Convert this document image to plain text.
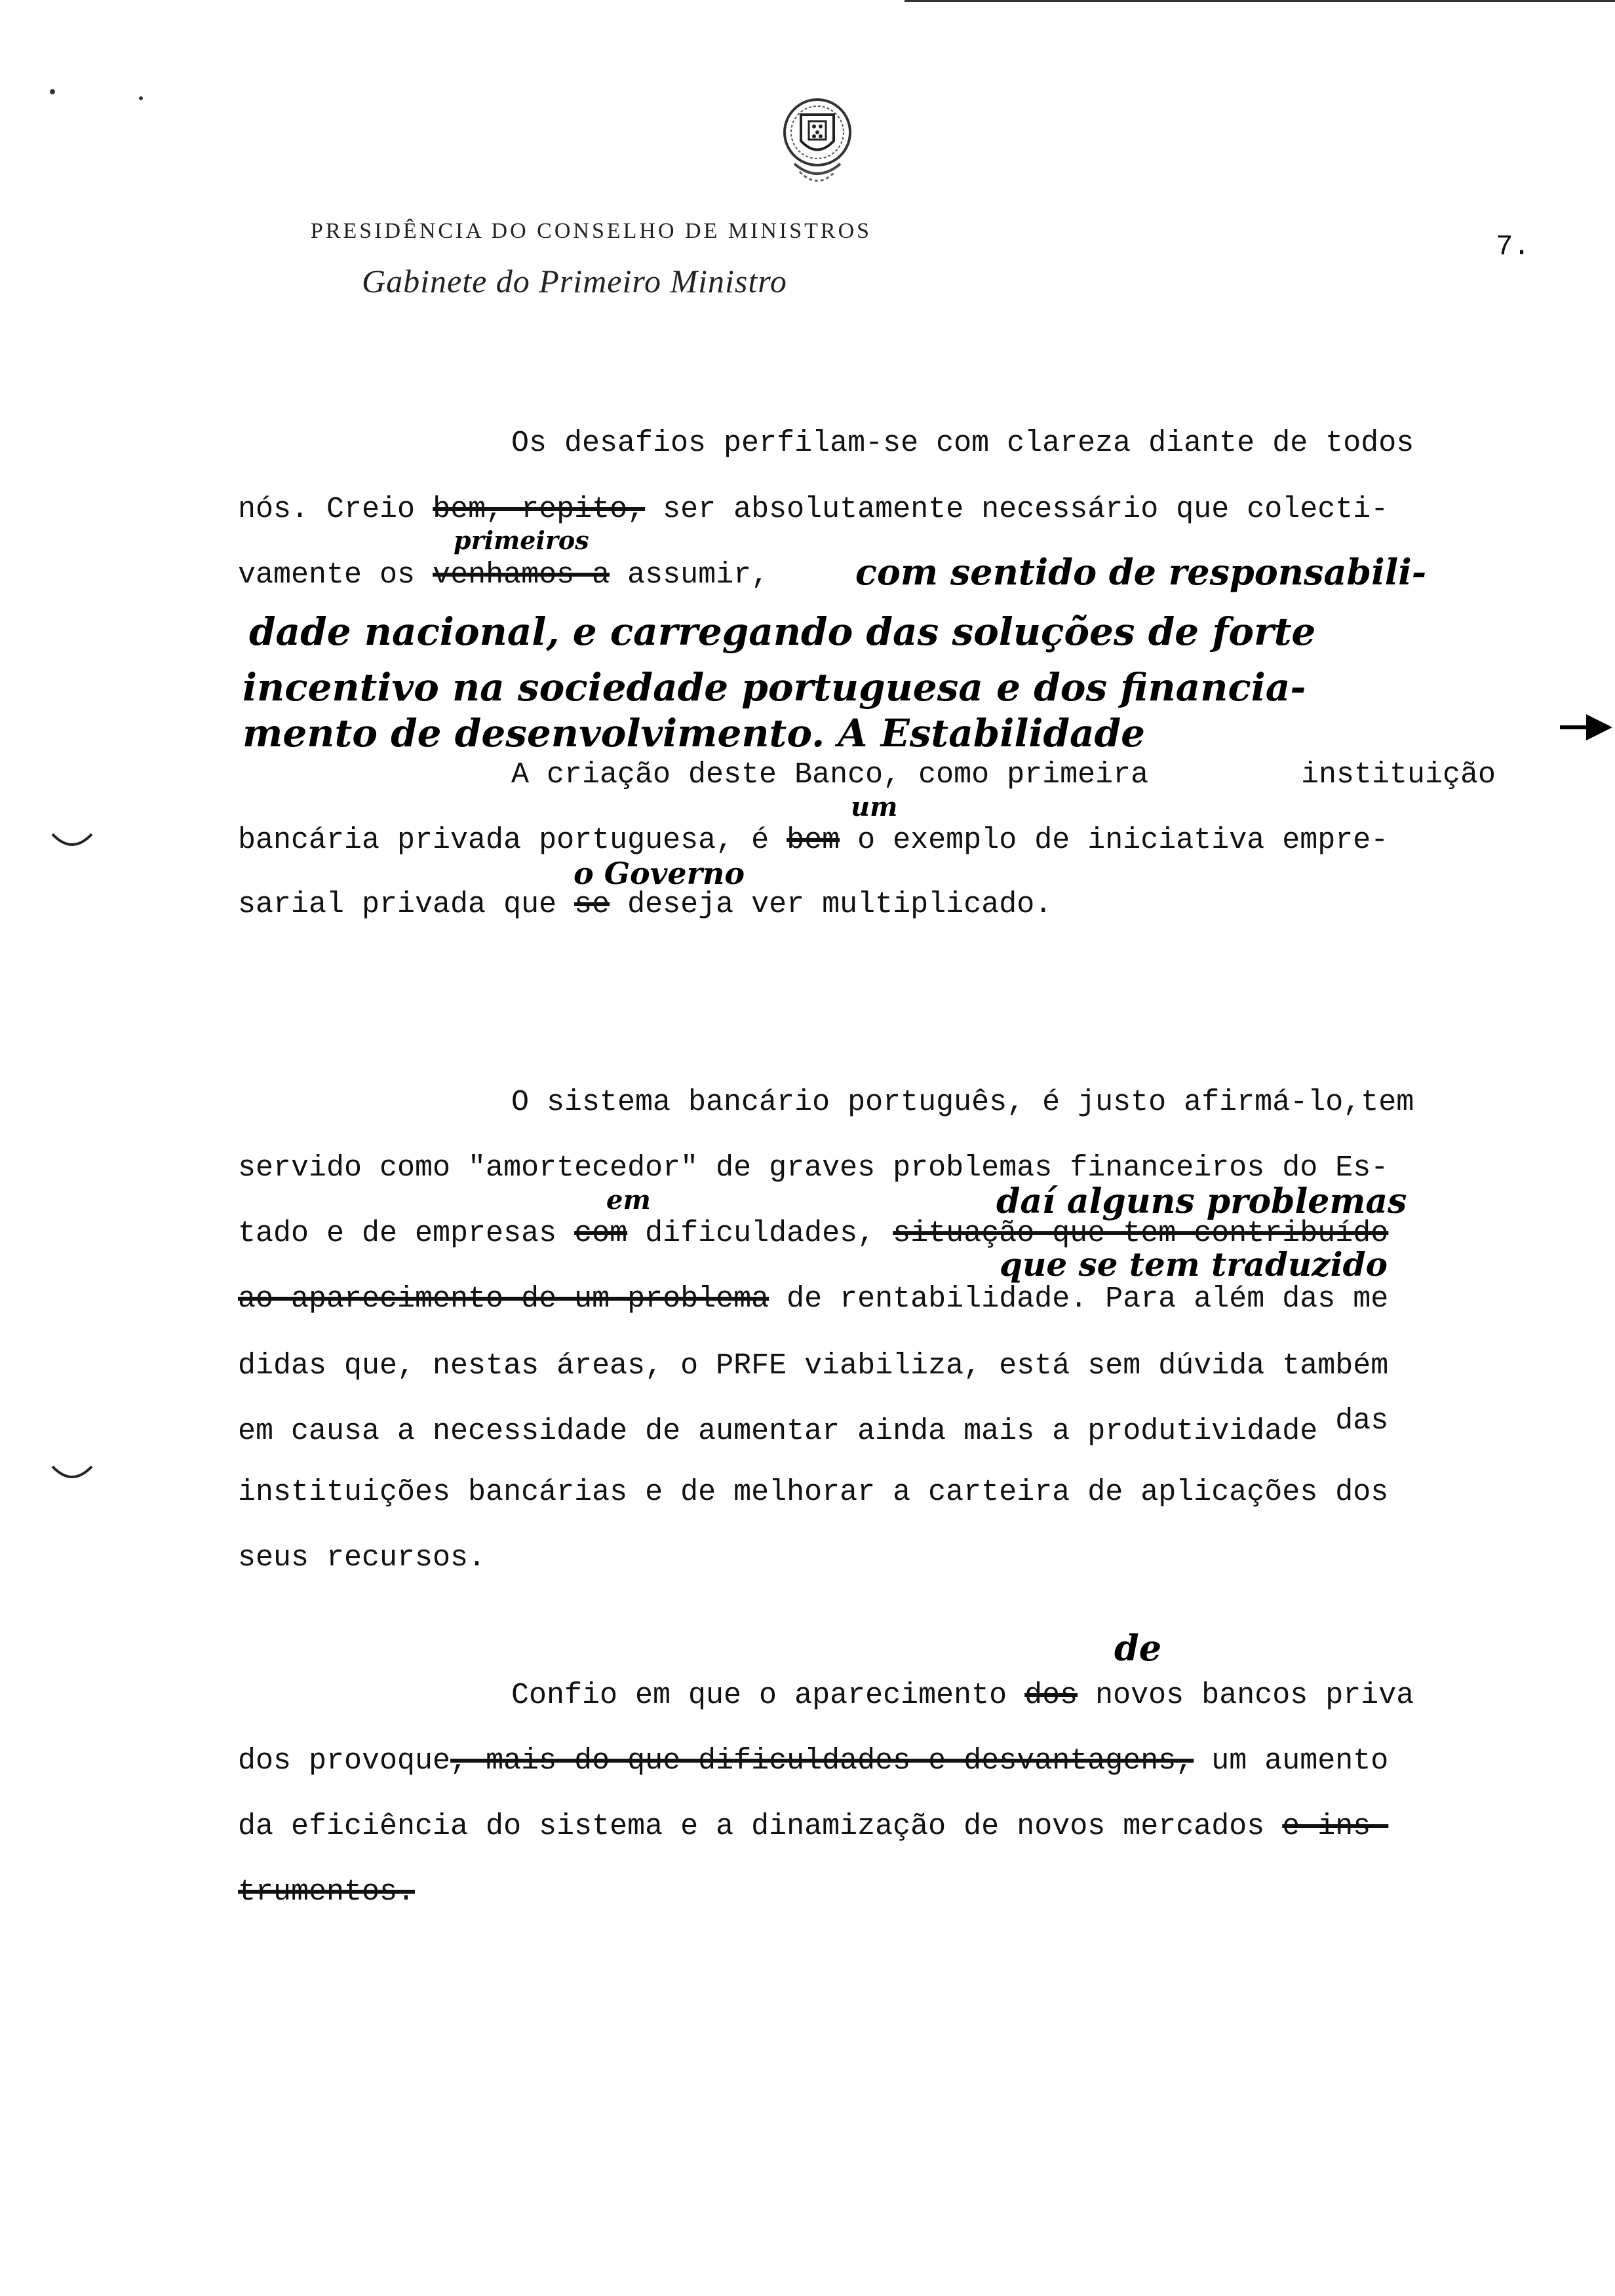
PRESIDÊNCIA DO CONSELHO DE MINISTROS
Gabinete do Primeiro Ministro
7.
Os desafios perfilam-se com clareza diante de todos
nós. Creio bem, repito, ser absolutamente necessário que colecti-
primeiros
vamente os venhamos a assumir, com sentido de responsabili-
dade nacional, e carregando das soluções de forte
incentivo na sociedade portuguesa e dos financia-
mento de desenvolvimento. A Estabilidade
A criação deste Banco, como primeira	instituição
um
bancária privada portuguesa, é bem o exemplo de iniciativa empre-
o Governo
sarial privada que se deseja ver multiplicado.
O sistema bancário português, é justo afirmá-lo,tem
servido como "amortecedor" de graves problemas financeiros do Es-
em	daí alguns problemas
tado e de empresas com dificuldades, situação que tem contribuído
que se tem traduzido
ao aparecimento de um problema de rentabilidade. Para além das me
didas que, nestas áreas, o PRFE viabiliza, está sem dúvida também
em causa a necessidade de aumentar ainda mais a produtividade das
instituições bancárias e de melhorar a carteira de aplicações dos
seus recursos.
de
Confio em que o aparecimento dos novos bancos priva
dos provoque, mais do que dificuldades e desvantagens, um aumento
da eficiência do sistema e a dinamização de novos mercados e ins-
trumentos.
